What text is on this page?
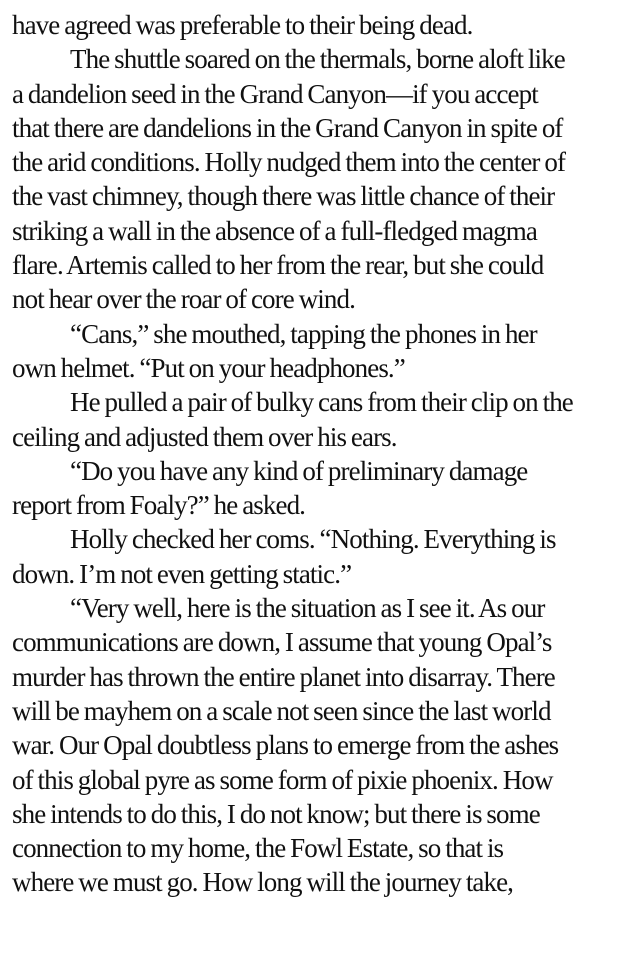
have agreed was preferable to their being dead.
The shuttle soared on the thermals, borne aloft like
a dandelion seed in the Grand Canyon—if you accept
that there are dandelions in the Grand Canyon in spite of
the arid conditions. Holly nudged them into the center of
the vast chimney, though there was little chance of their
striking a wall in the absence of a full-fledged magma
flare. Artemis called to her from the rear, but she could
not hear over the roar of core wind.
“Cans,” she mouthed, tapping the phones in her
own helmet. “Put on your headphones.”
He pulled a pair of bulky cans from their clip on the
ceiling and adjusted them over his ears.
“Do you have any kind of preliminary damage
report from Foaly?” he asked.
Holly checked her coms. “Nothing. Everything is
down. I’m not even getting static.”
“Very well, here is the situation as I see it. As our
communications are down, I assume that young Opal’s
murder has thrown the entire planet into disarray. There
will be mayhem on a scale not seen since the last world
war. Our Opal doubtless plans to emerge from the ashes
of this global pyre as some form of pixie phoenix. How
she intends to do this, I do not know; but there is some
connection to my home, the Fowl Estate, so that is
where we must go. How long will the journey take,
